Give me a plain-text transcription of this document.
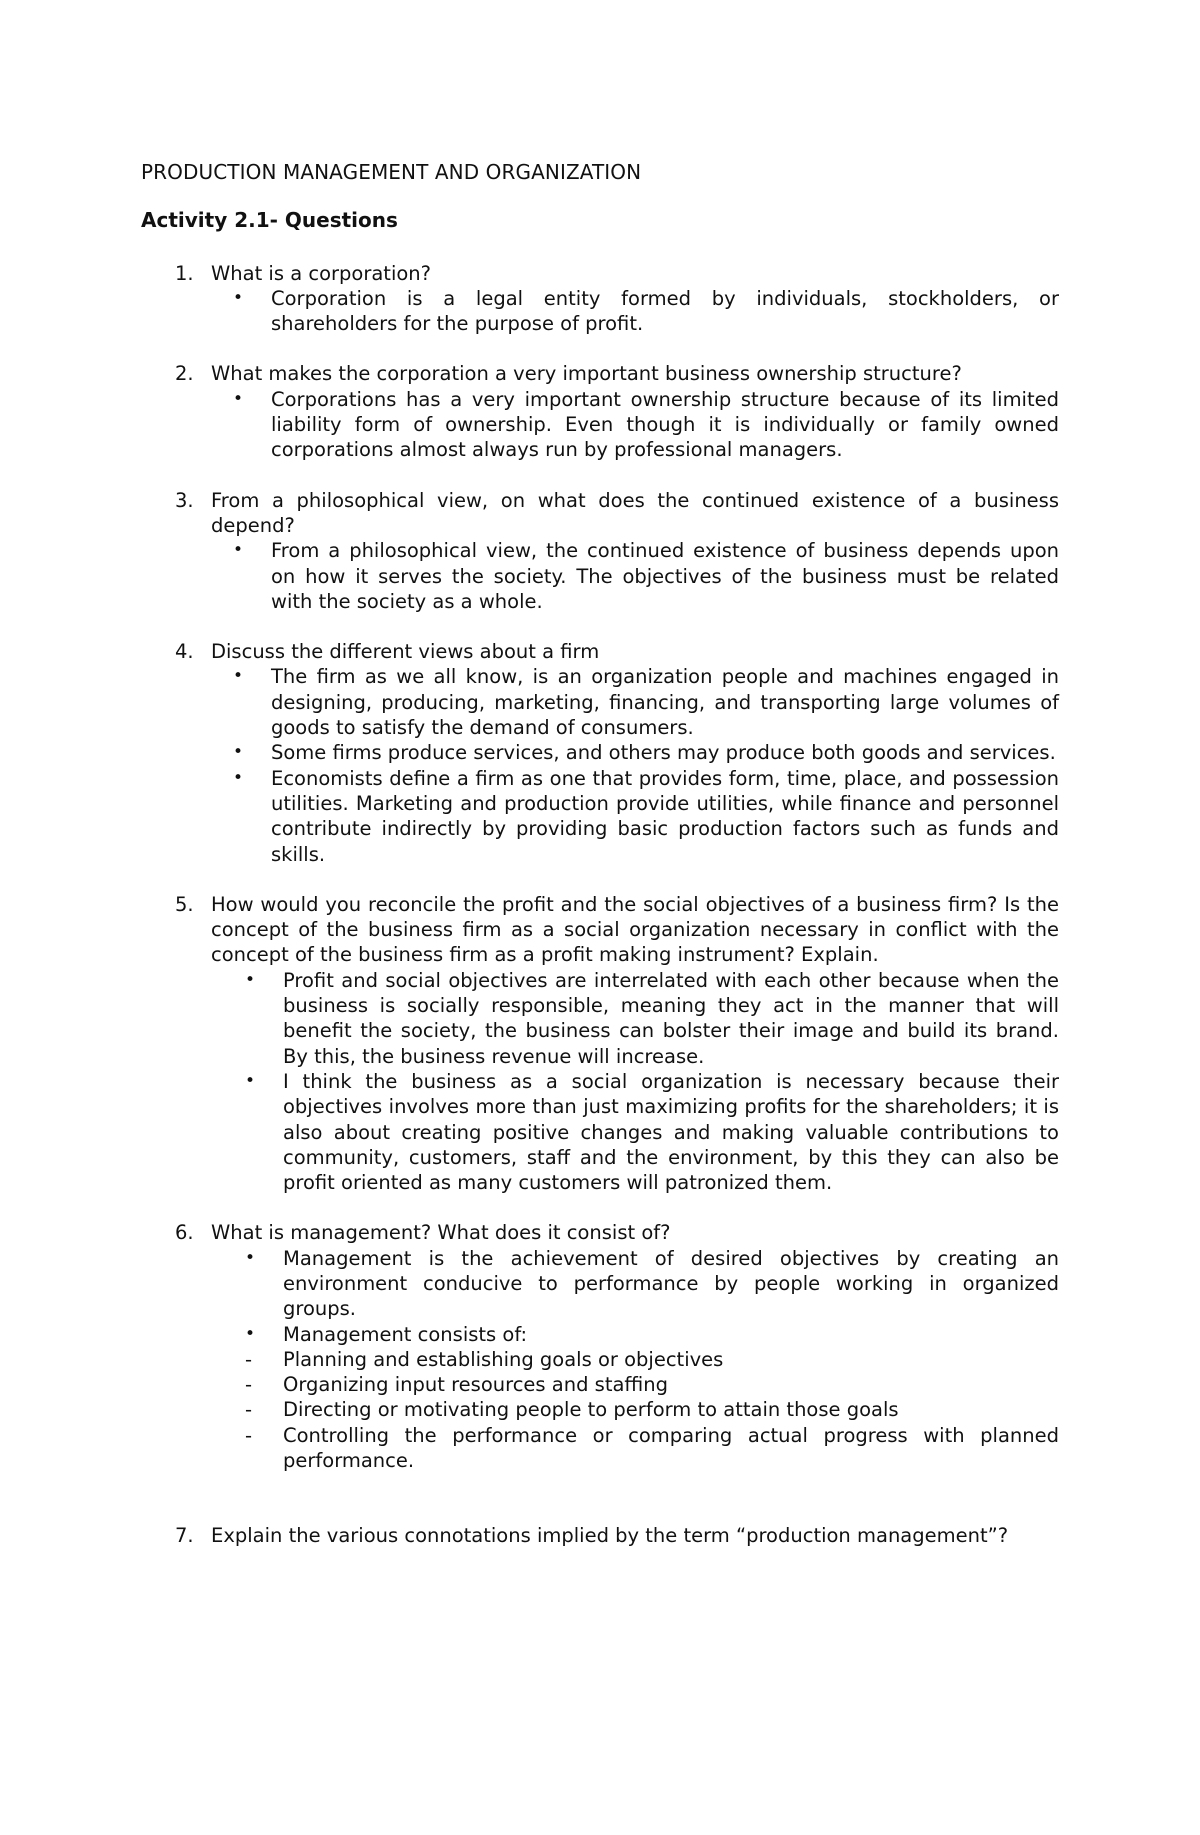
PRODUCTION MANAGEMENT AND ORGANIZATION
Activity 2.1- Questions
1. What is a corporation?
• Corporation is a legal entity formed by individuals, stockholders, or shareholders for the purpose of profit.
2. What makes the corporation a very important business ownership structure?
• Corporations has a very important ownership structure because of its limited liability form of ownership. Even though it is individually or family owned corporations almost always run by professional managers.
3. From a philosophical view, on what does the continued existence of a business depend?
• From a philosophical view, the continued existence of business depends upon on how it serves the society. The objectives of the business must be related with the society as a whole.
4. Discuss the different views about a firm
• The firm as we all know, is an organization people and machines engaged in designing, producing, marketing, financing, and transporting large volumes of goods to satisfy the demand of consumers.
• Some firms produce services, and others may produce both goods and services.
• Economists define a firm as one that provides form, time, place, and possession utilities. Marketing and production provide utilities, while finance and personnel contribute indirectly by providing basic production factors such as funds and skills.
5. How would you reconcile the profit and the social objectives of a business firm? Is the concept of the business firm as a social organization necessary in conflict with the concept of the business firm as a profit making instrument? Explain.
• Profit and social objectives are interrelated with each other because when the business is socially responsible, meaning they act in the manner that will benefit the society, the business can bolster their image and build its brand. By this, the business revenue will increase.
• I think the business as a social organization is necessary because their objectives involves more than just maximizing profits for the shareholders; it is also about creating positive changes and making valuable contributions to community, customers, staff and the environment, by this they can also be profit oriented as many customers will patronized them.
6. What is management? What does it consist of?
• Management is the achievement of desired objectives by creating an environment conducive to performance by people working in organized groups.
• Management consists of:
- Planning and establishing goals or objectives
- Organizing input resources and staffing
- Directing or motivating people to perform to attain those goals
- Controlling the performance or comparing actual progress with planned performance.
7. Explain the various connotations implied by the term “production management”?
